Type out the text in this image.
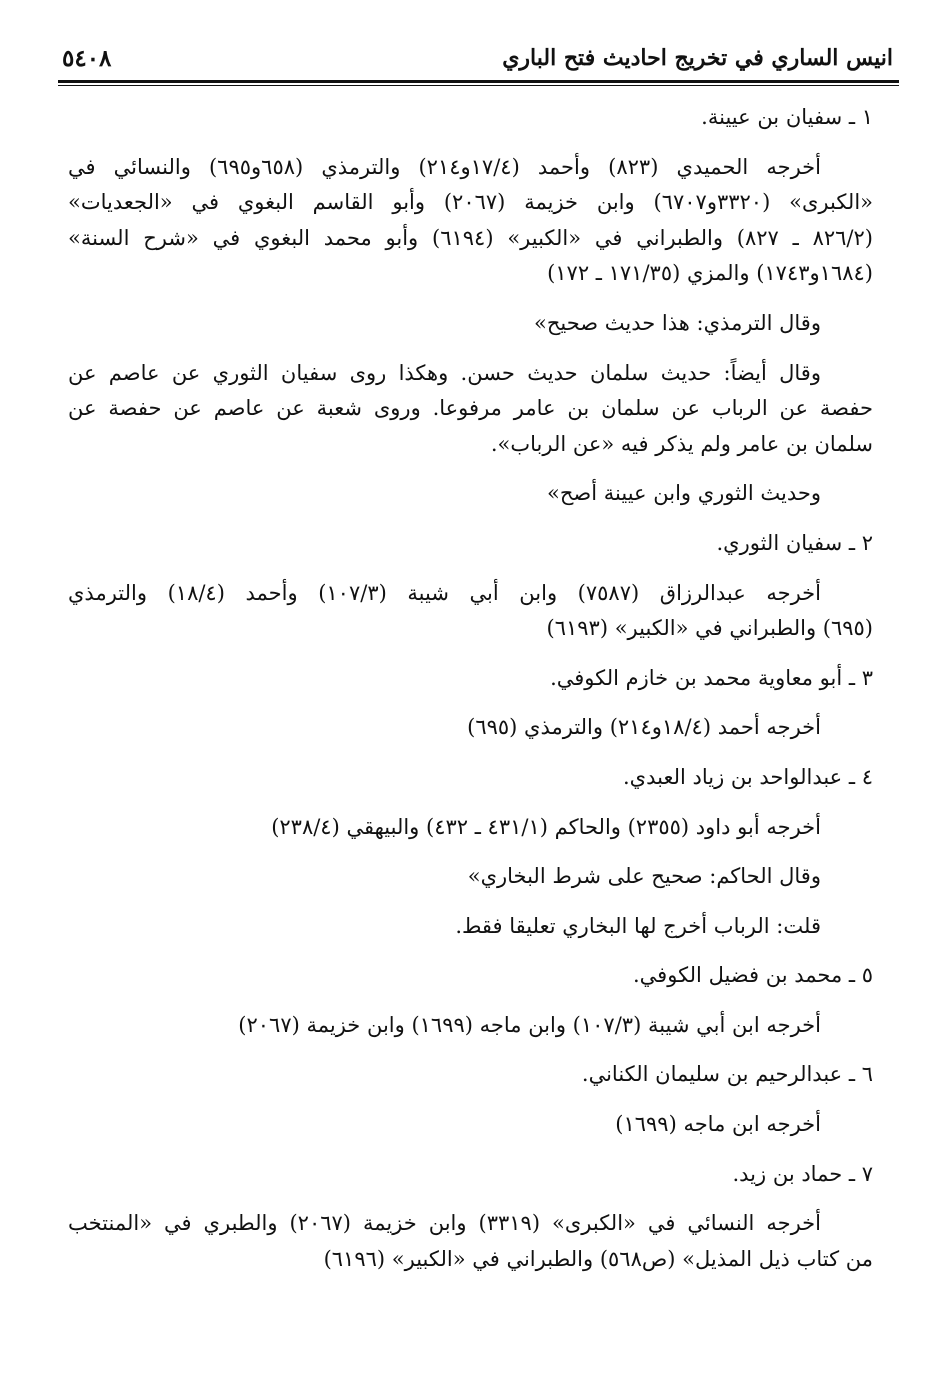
٥٤٠٨	انيس الساري في تخريج احاديث فتح الباري
١ ـ سفيان بن عيينة.
أخرجه الحميدي (٨٢٣) وأحمد (١٧/٤و٢١٤) والترمذي (٦٥٨و٦٩٥) والنسائي في
«الكبرى» (٣٣٢٠و٦٧٠٧) وابن خزيمة (٢٠٦٧) وأبو القاسم البغوي في «الجعديات»
(٨٢٦/٢ ـ ٨٢٧) والطبراني في «الكبير» (٦١٩٤) وأبو محمد البغوي في «شرح السنة»
(١٦٨٤و١٧٤٣) والمزي (١٧١/٣٥ ـ ١٧٢)
وقال الترمذي: هذا حديث صحيح»
وقال أيضاً: حديث سلمان حديث حسن. وهكذا روى سفيان الثوري عن عاصم عن
حفصة عن الرباب عن سلمان بن عامر مرفوعا. وروى شعبة عن عاصم عن حفصة عن
سلمان بن عامر ولم يذكر فيه «عن الرباب».
وحديث الثوري وابن عيينة أصح»
٢ ـ سفيان الثوري.
أخرجه عبدالرزاق (٧٥٨٧) وابن أبي شيبة (١٠٧/٣) وأحمد (١٨/٤) والترمذي
(٦٩٥) والطبراني في «الكبير» (٦١٩٣)
٣ ـ أبو معاوية محمد بن خازم الكوفي.
أخرجه أحمد (١٨/٤و٢١٤) والترمذي (٦٩٥)
٤ ـ عبدالواحد بن زياد العبدي.
أخرجه أبو داود (٢٣٥٥) والحاكم (٤٣١/١ ـ ٤٣٢) والبيهقي (٢٣٨/٤)
وقال الحاكم: صحيح على شرط البخاري»
قلت: الرباب أخرج لها البخاري تعليقا فقط.
٥ ـ محمد بن فضيل الكوفي.
أخرجه ابن أبي شيبة (١٠٧/٣) وابن ماجه (١٦٩٩) وابن خزيمة (٢٠٦٧)
٦ ـ عبدالرحيم بن سليمان الكناني.
أخرجه ابن ماجه (١٦٩٩)
٧ ـ حماد بن زيد.
أخرجه النسائي في «الكبرى» (٣٣١٩) وابن خزيمة (٢٠٦٧) والطبري في «المنتخب
من كتاب ذيل المذيل» (ص٥٦٨) والطبراني في «الكبير» (٦١٩٦)
